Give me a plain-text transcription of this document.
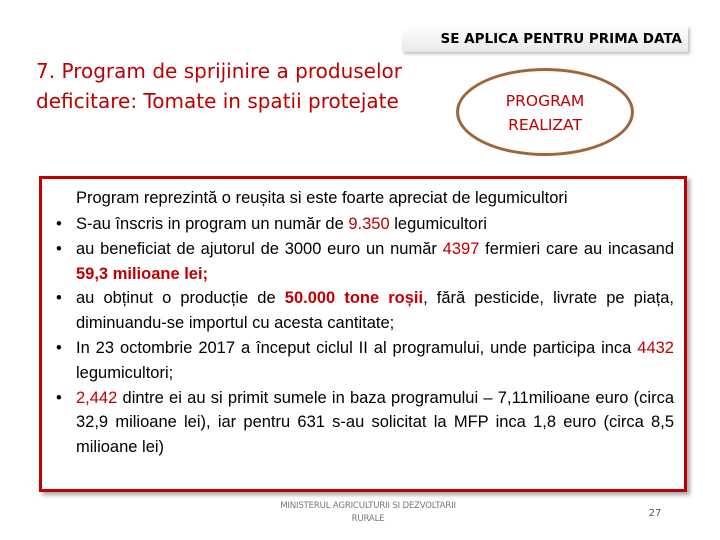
SE APLICA PENTRU PRIMA DATA
7. Program de sprijinire a produselor deficitare: Tomate in spatii protejate	PROGRAM
REALIZAT
Program reprezintă o reușita si este foarte apreciat de legumicultori
• S-au înscris in program un număr de 9.350 legumicultori
• au beneficiat de ajutorul de 3000 euro un număr 4397 fermieri care au incasand 59,3 milioane lei;
• au obținut o producție de 50.000 tone roșii, fără pesticide, livrate pe piața, diminuandu-se importul cu acesta cantitate;
• In 23 octombrie 2017 a început ciclul II al programului, unde participa inca 4432 legumicultori;
• 2,442 dintre ei au si primit sumele in baza programului – 7,11milioane euro (circa 32,9 milioane lei), iar pentru 631 s-au solicitat la MFP inca 1,8 euro (circa 8,5 milioane lei)
MINISTERUL AGRICULTURII SI DEZVOLTARII
RURALE	27
